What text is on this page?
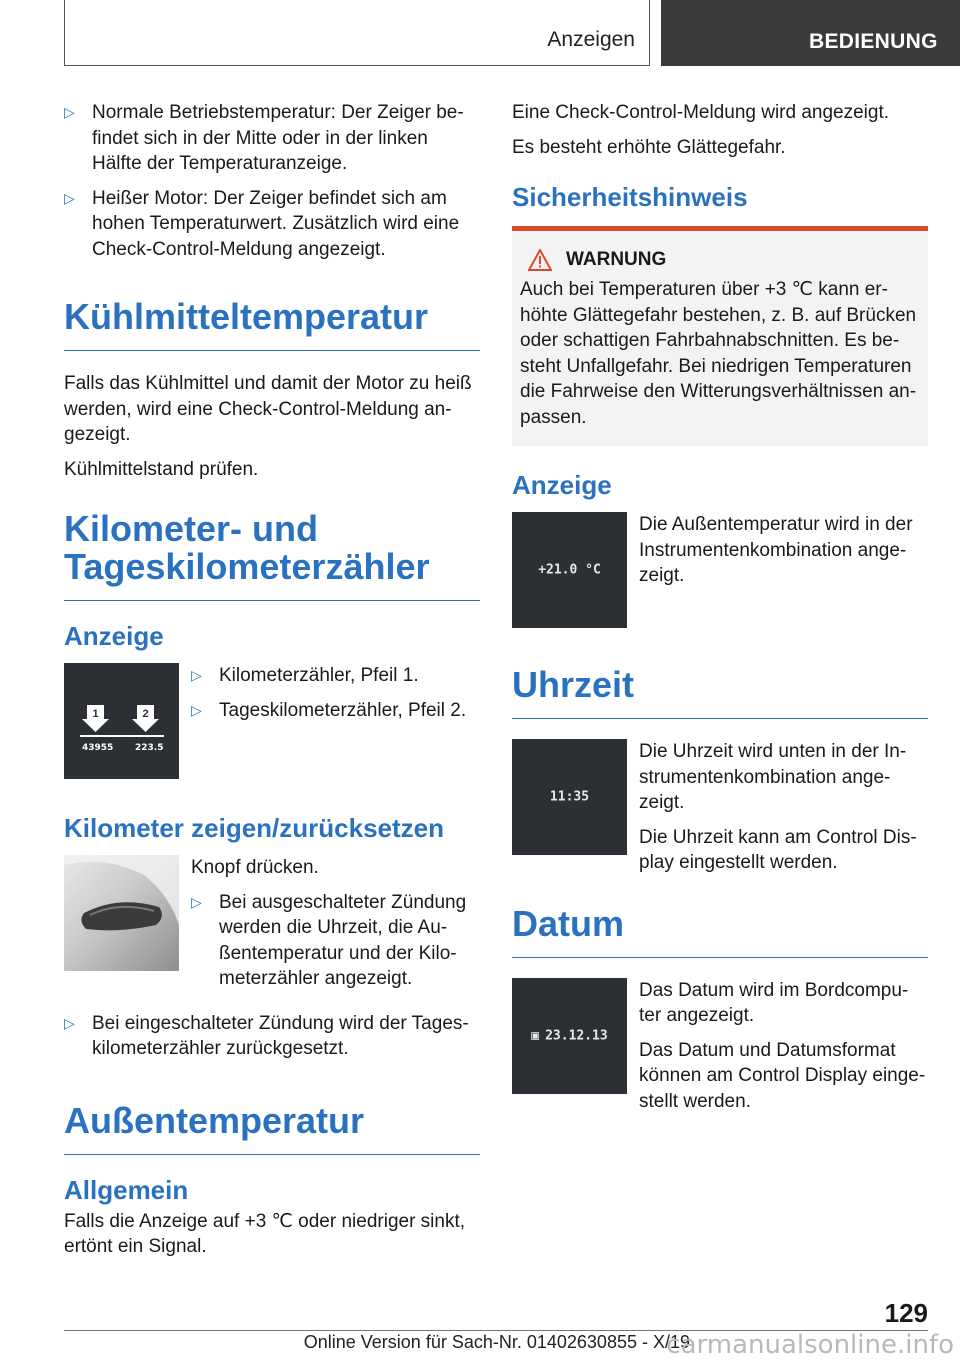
Anzeigen	BEDIENUNG
▷ Normale Betriebstemperatur: Der Zeiger be-findet sich in der Mitte oder in der linken Hälfte der Temperaturanzeige.
▷ Heißer Motor: Der Zeiger befindet sich am hohen Temperaturwert. Zusätzlich wird eine Check-Control-Meldung angezeigt.
Kühlmitteltemperatur

Falls das Kühlmittel und damit der Motor zu heiß werden, wird eine Check-Control-Meldung an-gezeigt.

Kühlmittelstand prüfen.

Kilometer- und Tageskilometerzähler
Anzeige
1	2
43955 223.5
▷ Kilometerzähler, Pfeil 1.
▷ Tageskilometerzähler, Pfeil 2.
Kilometer zeigen/zurücksetzen

Knopf drücken.

▷ Bei ausgeschalteter Zündung werden die Uhrzeit, die Au-ßentemperatur und der Kilo-meterzähler angezeigt.
▷ Bei eingeschalteter Zündung wird der Tages-kilometerzähler zurückgesetzt.
Außentemperatur
Allgemein

Falls die Anzeige auf +3 ℃ oder niedriger sinkt, ertönt ein Signal.

Eine Check-Control-Meldung wird angezeigt.

Es besteht erhöhte Glättegefahr.

Sicherheitshinweis
WARNUNG

Auch bei Temperaturen über +3 ℃ kann er-höhte Glättegefahr bestehen, z. B. auf Brücken oder schattigen Fahrbahnabschnitten. Es be-steht Unfallgefahr. Bei niedrigen Temperaturen die Fahrweise den Witterungsverhältnissen an-passen.

Anzeige
+21.0 °C

Die Außentemperatur wird in der Instrumentenkombination ange-zeigt.

Uhrzeit
11:35

Die Uhrzeit wird unten in der In-strumentenkombination ange-zeigt.

Die Uhrzeit kann am Control Dis-play eingestellt werden.

Datum
▣ 23.12.13

Das Datum wird im Bordcompu-ter angezeigt.

Das Datum und Datumsformat können am Control Display einge-stellt werden.

129
Online Version für Sach-Nr. 01402630855 - X/19
carmanualsonline.info
